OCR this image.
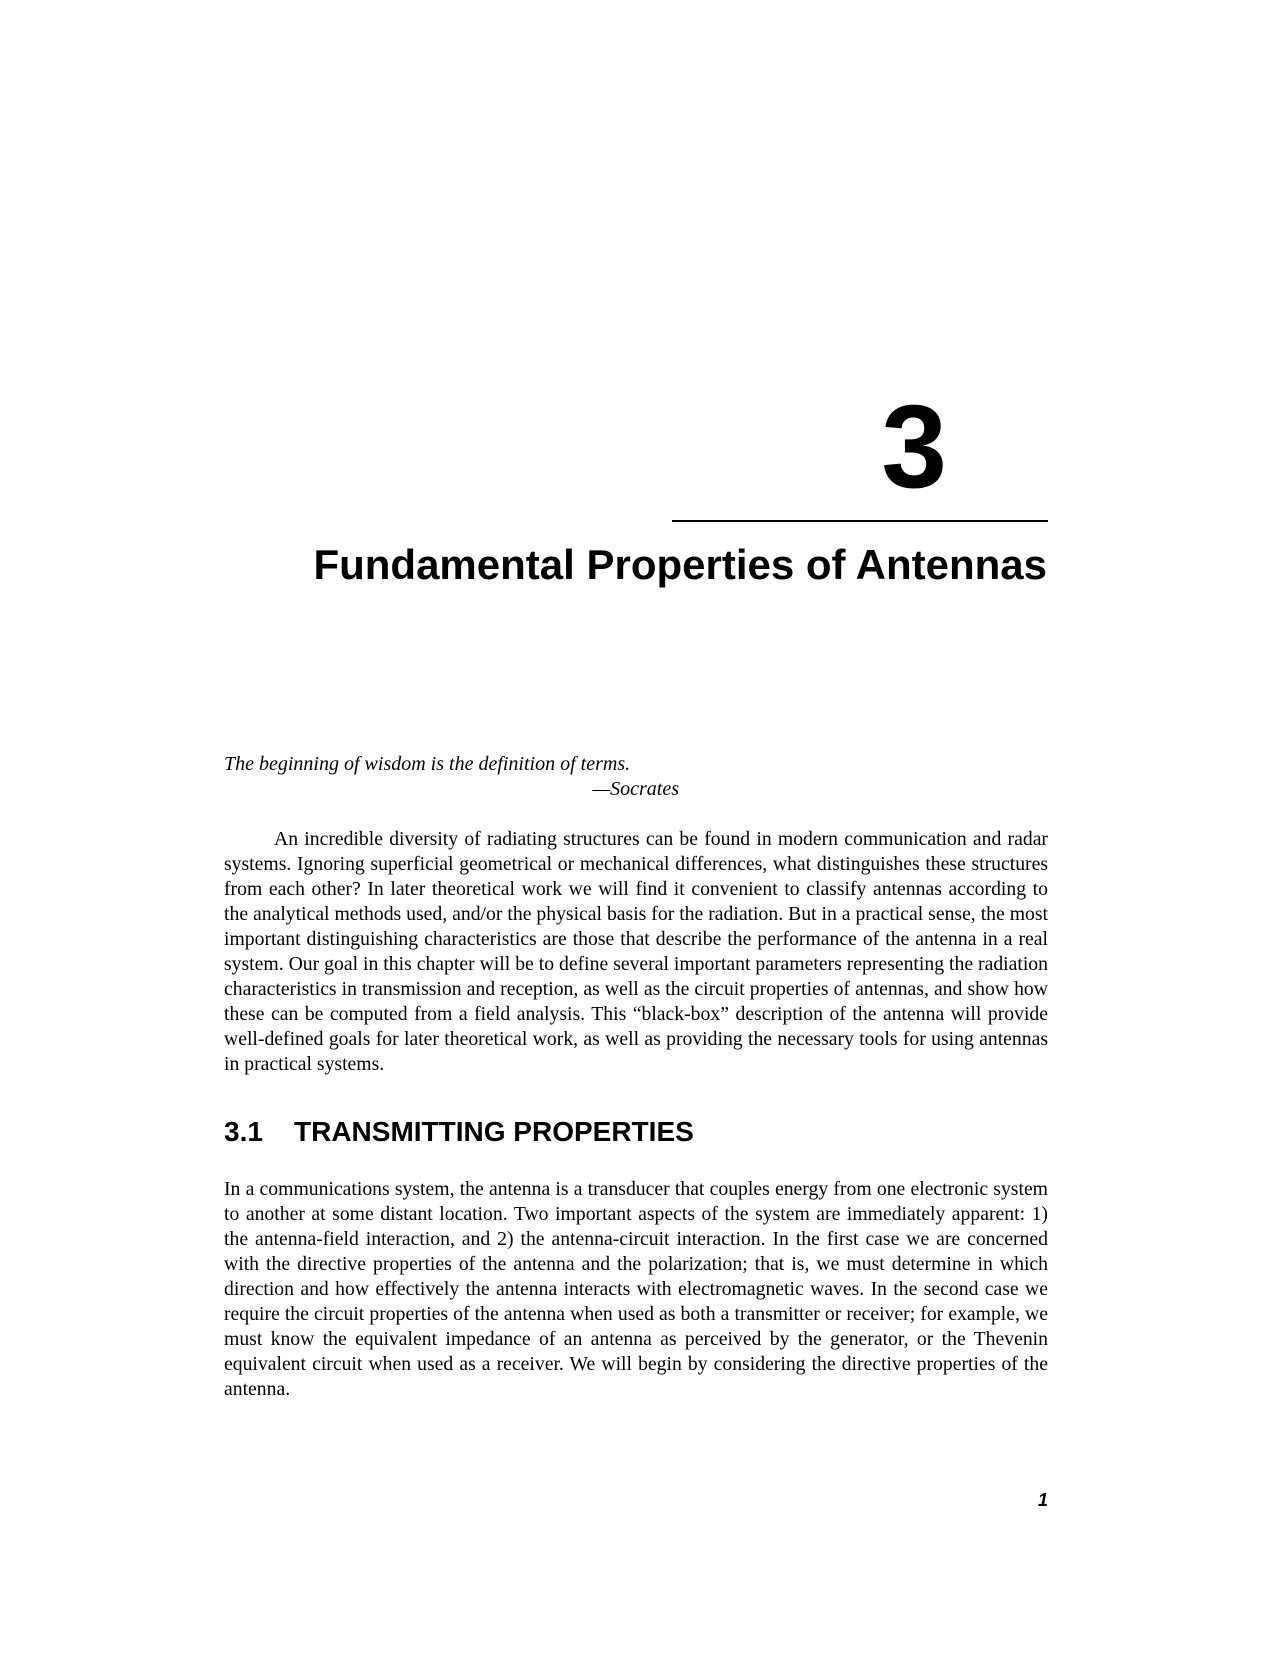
3
Fundamental Properties of Antennas
The beginning of wisdom is the definition of terms.
—Socrates

An incredible diversity of radiating structures can be found in modern communication and radar systems. Ignoring superficial geometrical or mechanical differences, what distinguishes these structures from each other? In later theoretical work we will find it convenient to classify antennas according to the analytical methods used, and/or the physical basis for the radiation. But in a practical sense, the most important distinguishing characteristics are those that describe the performance of the antenna in a real system. Our goal in this chapter will be to define several important parameters representing the radiation characteristics in transmission and reception, as well as the circuit properties of antennas, and show how these can be computed from a field analysis. This “black-box” description of the antenna will provide well-defined goals for later theoretical work, as well as providing the necessary tools for using antennas in practical systems.

3.1 TRANSMITTING PROPERTIES

In a communications system, the antenna is a transducer that couples energy from one electronic system to another at some distant location. Two important aspects of the system are immediately apparent: 1) the antenna-field interaction, and 2) the antenna-circuit interaction. In the first case we are concerned with the directive properties of the antenna and the polarization; that is, we must determine in which direction and how effectively the antenna interacts with electromagnetic waves. In the second case we require the circuit properties of the antenna when used as both a transmitter or receiver; for example, we must know the equivalent impedance of an antenna as perceived by the generator, or the Thevenin equivalent circuit when used as a receiver. We will begin by considering the directive properties of the antenna.

1
